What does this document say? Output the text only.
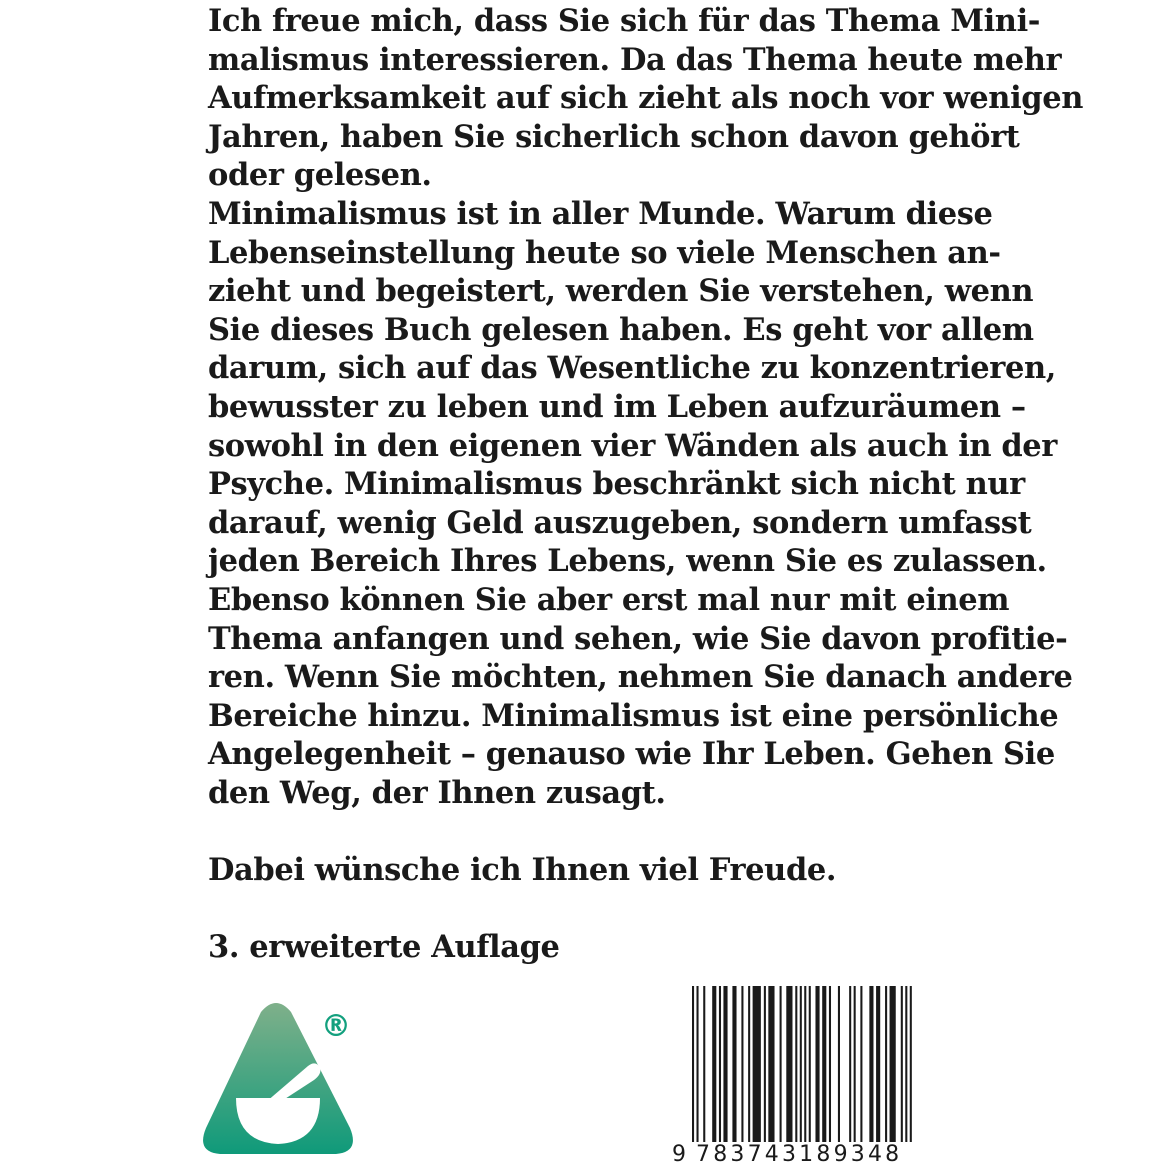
Ich freue mich, dass Sie sich für das Thema Mini-
malismus interessieren. Da das Thema heute mehr
Aufmerksamkeit auf sich zieht als noch vor wenigen
Jahren, haben Sie sicherlich schon davon gehört
oder gelesen.
Minimalismus ist in aller Munde. Warum diese
Lebenseinstellung heute so viele Menschen an-
zieht und begeistert, werden Sie verstehen, wenn
Sie dieses Buch gelesen haben. Es geht vor allem
darum, sich auf das Wesentliche zu konzentrieren,
bewusster zu leben und im Leben aufzuräumen –
sowohl in den eigenen vier Wänden als auch in der
Psyche. Minimalismus beschränkt sich nicht nur
darauf, wenig Geld auszugeben, sondern umfasst
jeden Bereich Ihres Lebens, wenn Sie es zulassen.
Ebenso können Sie aber erst mal nur mit einem
Thema anfangen und sehen, wie Sie davon profitie-
ren. Wenn Sie möchten, nehmen Sie danach andere
Bereiche hinzu. Minimalismus ist eine persönliche
Angelegenheit – genauso wie Ihr Leben. Gehen Sie
den Weg, der Ihnen zusagt.
Dabei wünsche ich Ihnen viel Freude.
3. erweiterte Auflage
®
9 783743189348
